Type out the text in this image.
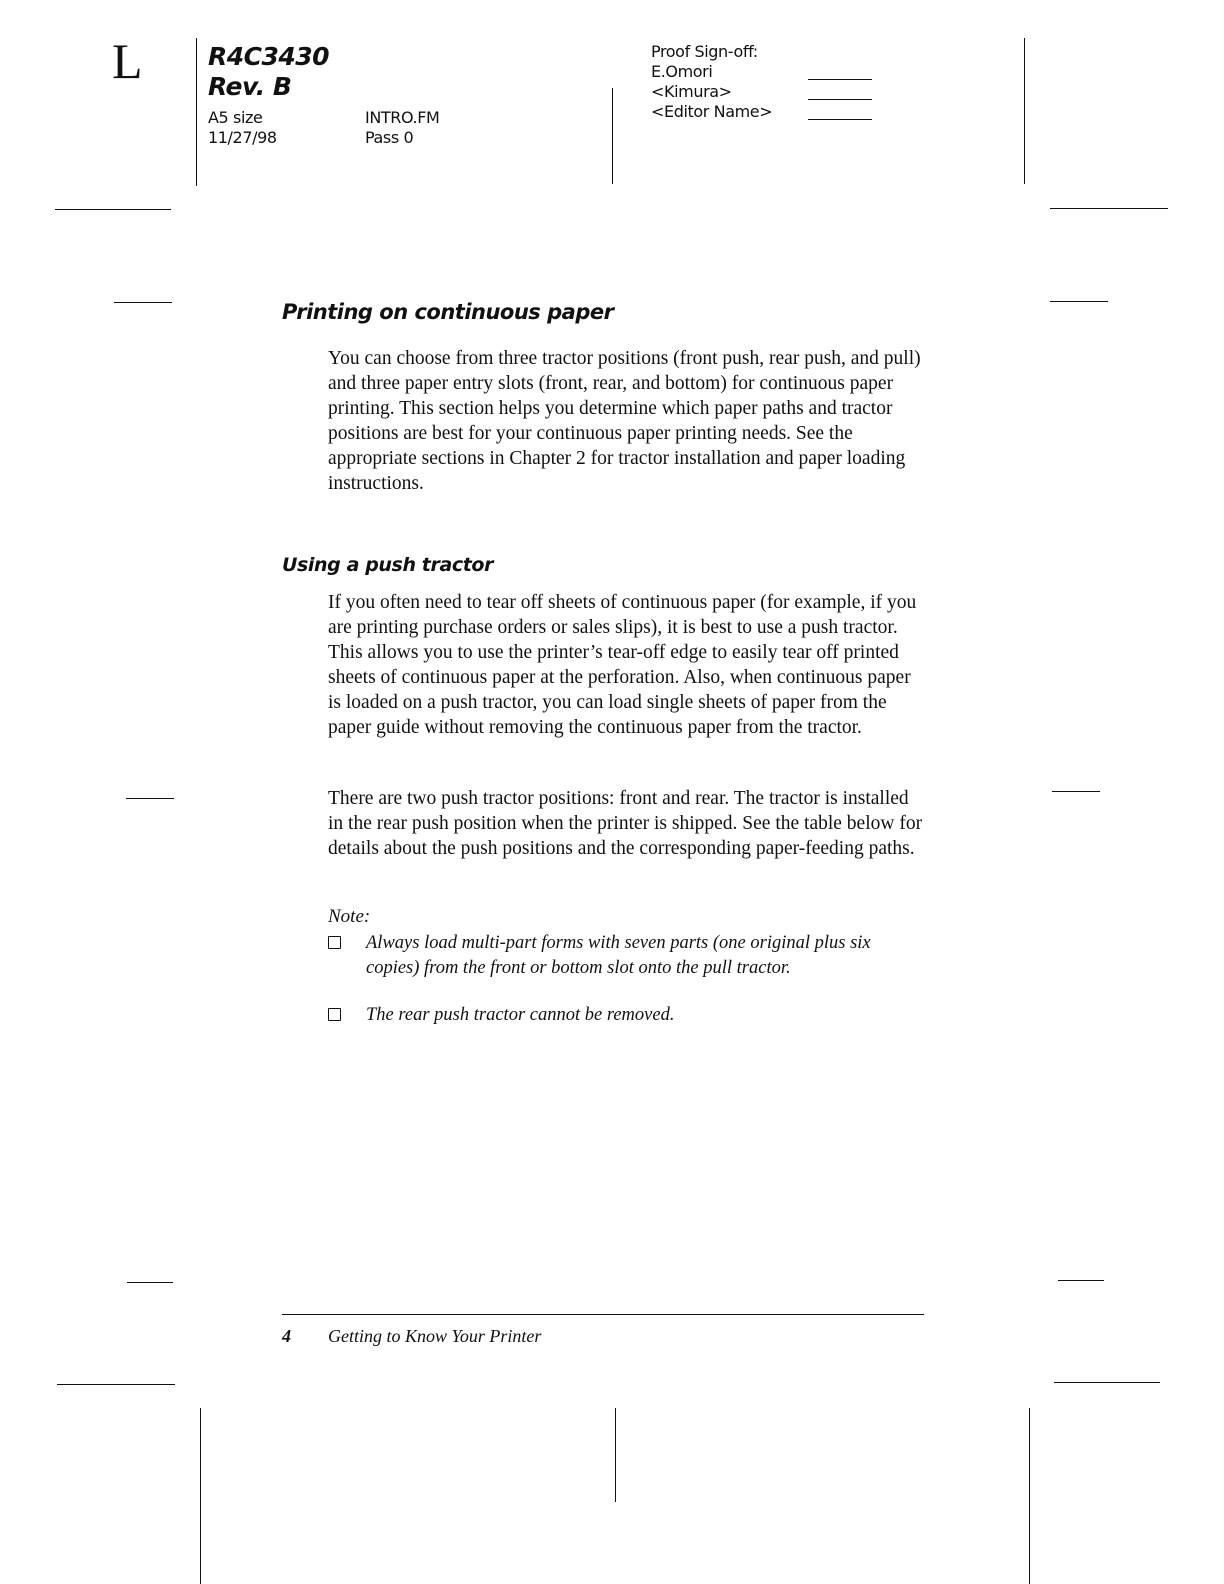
L	R4C3430
Rev. B
A5 size
11/27/98
INTRO.FM
Pass 0
Proof Sign-off:
E.Omori
<Kimura>
<Editor Name>
Printing on continuous paper

You can choose from three tractor positions (front push, rear push, and pull) and three paper entry slots (front, rear, and bottom) for continuous paper printing. This section helps you determine which paper paths and tractor positions are best for your continuous paper printing needs. See the appropriate sections in Chapter 2 for tractor installation and paper loading instructions.

Using a push tractor

If you often need to tear off sheets of continuous paper (for example, if you are printing purchase orders or sales slips), it is best to use a push tractor. This allows you to use the printer’s tear-off edge to easily tear off printed sheets of continuous paper at the perforation. Also, when continuous paper is loaded on a push tractor, you can load single sheets of paper from the paper guide without removing the continuous paper from the tractor.

There are two push tractor positions: front and rear. The tractor is installed in the rear push position when the printer is shipped. See the table below for details about the push positions and the corresponding paper-feeding paths.

Note:
Always load multi-part forms with seven parts (one original plus six copies) from the front or bottom slot onto the pull tractor.
The rear push tractor cannot be removed.
4 Getting to Know Your Printer
